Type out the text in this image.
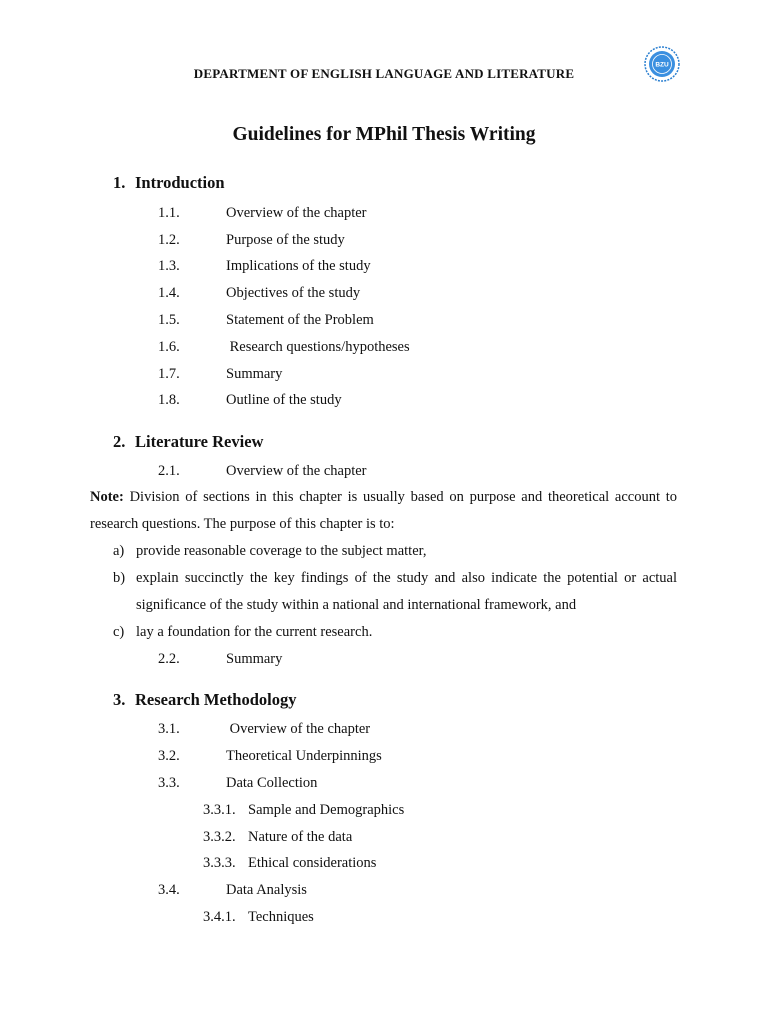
DEPARTMENT OF ENGLISH LANGUAGE AND LITERATURE
BZU
Guidelines for MPhil Thesis Writing
1. Introduction
1.1.	Overview of the chapter
1.2.	Purpose of the study
1.3.	Implications of the study
1.4.	Objectives of the study
1.5.	Statement of the Problem
1.6.	Research questions/hypotheses
1.7.	Summary
1.8.	Outline of the study
2. Literature Review
2.1.	Overview of the chapter
Note: Division of sections in this chapter is usually based on purpose and theoretical account to
research questions. The purpose of this chapter is to:
a) provide reasonable coverage to the subject matter,
b) explain succinctly the key findings of the study and also indicate the potential or actual
significance of the study within a national and international framework, and
c) lay a foundation for the current research.
2.2.	Summary
3. Research Methodology
3.1.	Overview of the chapter
3.2.	Theoretical Underpinnings
3.3.	Data Collection
3.3.1. Sample and Demographics
3.3.2. Nature of the data
3.3.3. Ethical considerations
3.4.	Data Analysis
3.4.1. Techniques
